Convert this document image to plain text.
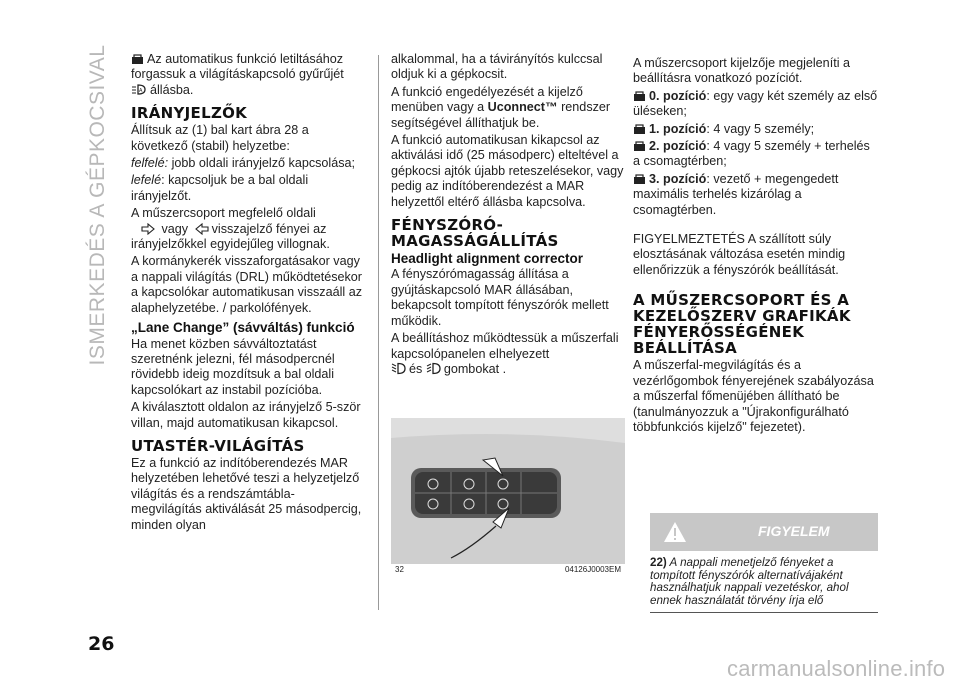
ISMERKEDÉS A GÉPKOCSIVAL	Az automatikus funkció letiltásához forgassuk a világításkapcsoló gyűrűjét

A állásba.

IRÁNYJELZŐK

Állítsuk az (1) bal kart ábra 28 a következő (stabil) helyzetbe:

felfelé: jobb oldali irányjelző kapcsolása;

lefelé: kapcsoljuk be a bal oldali irányjelzőt.

A műszercsoport megfelelő oldali
vagy visszajelző fényei az irányjelzőkkel egyidejűleg villognak.

A kormánykerék visszaforgatásakor vagy a nappali világítás (DRL) működtetésekor a kapcsolókar automatikusan visszaáll az alaphelyzetébe. / parkolófények.

„Lane Change” (sávváltás) funkció

Ha menet közben sávváltoztatást szeretnénk jelezni, fél másodpercnél rövidebb ideig mozdítsuk a bal oldali kapcsolókart az instabil pozícióba.

A kiválasztott oldalon az irányjelző 5-ször villan, majd automatikusan kikapcsol.

UTASTÉR-VILÁGÍTÁS

Ez a funkció az indítóberendezés MAR helyzetében lehetővé teszi a helyzetjelző világítás és a rendszámtábla-megvilágítás aktiválását 25 másodpercig, minden olyan

alkalommal, ha a távirányítós kulccsal oldjuk ki a gépkocsit.

A funkció engedélyezését a kijelző menüben vagy a Uconnect™ rendszer segítségével állíthatjuk be.

A funkció automatikusan kikapcsol az aktiválási idő (25 másodperc) elteltével a gépkocsi ajtók újabb reteszelésekor, vagy pedig az indítóberendezést a MAR helyzettől eltérő állásba kapcsolva.

FÉNYSZÓRÓ-MAGASSÁGÁLLÍTÁS
Headlight alignment corrector

A fényszórómagasság állítása a gyújtáskapcsoló MAR állásában, bekapcsolt tompított fényszórók mellett működik.

A beállításhoz működtessük a műszerfali kapcsolópanelen elhelyezett
és gombokat .

32	04126J0003EM

A műszercsoport kijelzője megjeleníti a beállításra vonatkozó pozíciót.

0. pozíció: egy vagy két személy az első üléseken;

1. pozíció: 4 vagy 5 személy;

2. pozíció: 4 vagy 5 személy + terhelés a csomagtérben;

3. pozíció: vezető + megengedett maximális terhelés kizárólag a csomagtérben.

FIGYELMEZTETÉS A szállított súly elosztásának változása esetén mindig ellenőrizzük a fényszórók beállítását.

A MŰSZERCSOPORT ÉS A KEZELŐSZERV GRAFIKÁK FÉNYERŐSSÉGÉNEK BEÁLLÍTÁSA

A műszerfal-megvilágítás és a vezérlőgombok fényerejének szabályozása a műszerfal főmenüjében állítható be (tanulmányozzuk a "Újrakonfigurálható többfunkciós kijelző" fejezetet).

FIGYELEM
22) A nappali menetjelző fényeket a tompított fényszórók alternatívájaként használhatjuk nappali vezetéskor, ahol ennek használatát törvény írja elő
26
carmanualsonline.info
